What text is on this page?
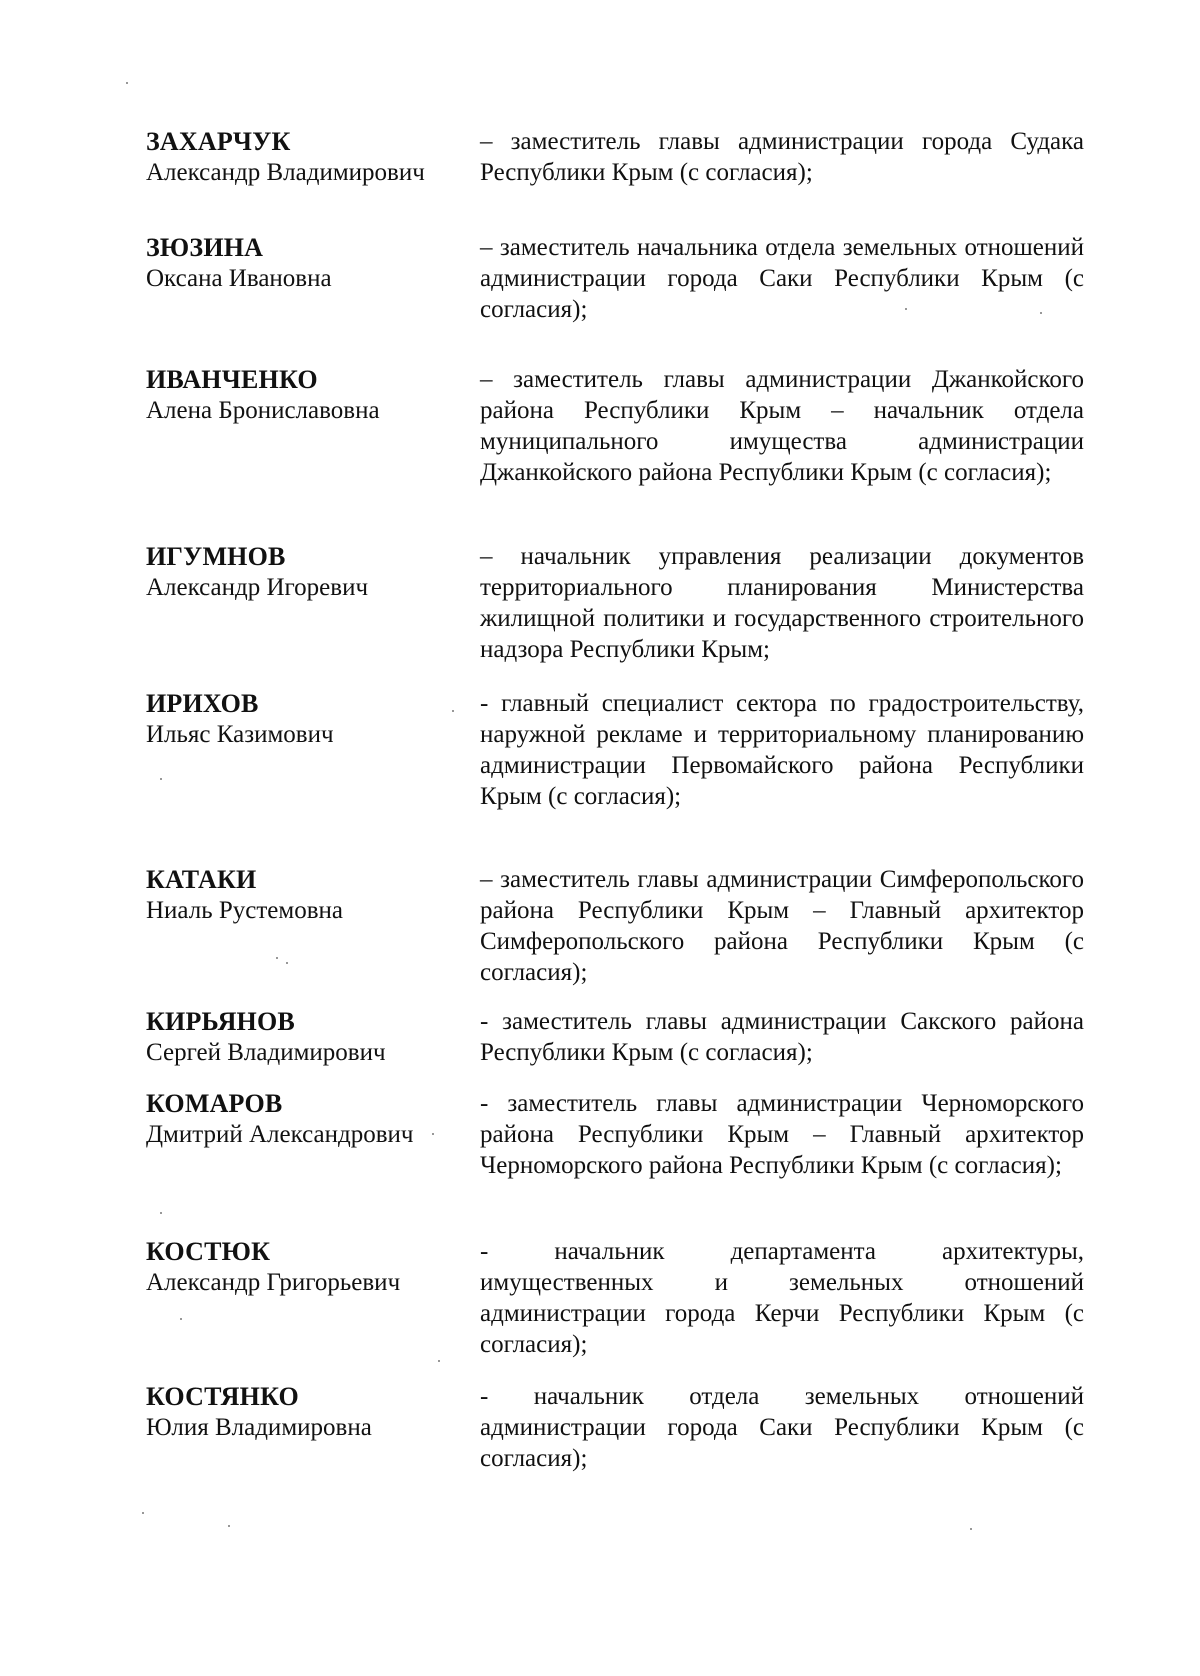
ЗАХАРЧУК
Александр Владимирович
– заместитель главы администрации города Судака Республики Крым (с согласия);
ЗЮЗИНА
Оксана Ивановна
– заместитель начальника отдела земельных отношений администрации города Саки Республики Крым (с согласия);
ИВАНЧЕНКО
Алена Брониславовна
– заместитель главы администрации Джанкойского района Республики Крым – начальник отдела муниципального имущества администрации Джанкойского района Республики Крым (с согласия);
ИГУМНОВ
Александр Игоревич
– начальник управления реализации документов территориального планирования Министерства жилищной политики и государственного строительного надзора Республики Крым;
ИРИХОВ
Ильяс Казимович
- главный специалист сектора по градостроительству, наружной рекламе и территориальному планированию администрации Первомайского района Республики Крым (с согласия);
КАТАКИ
Ниаль Рустемовна
– заместитель главы администрации Симферопольского района Республики Крым – Главный архитектор Симферопольского района Республики Крым (с согласия);
КИРЬЯНОВ
Сергей Владимирович
- заместитель главы администрации Сакского района Республики Крым (с согласия);
КОМАРОВ
Дмитрий Александрович
- заместитель главы администрации Черноморского района Республики Крым – Главный архитектор Черноморского района Республики Крым (с согласия);
КОСТЮК
Александр Григорьевич
- начальник департамента архитектуры, имущественных и земельных отношений администрации города Керчи Республики Крым (с согласия);
КОСТЯНКО
Юлия Владимировна
- начальник отдела земельных отношений администрации города Саки Республики Крым (с согласия);
